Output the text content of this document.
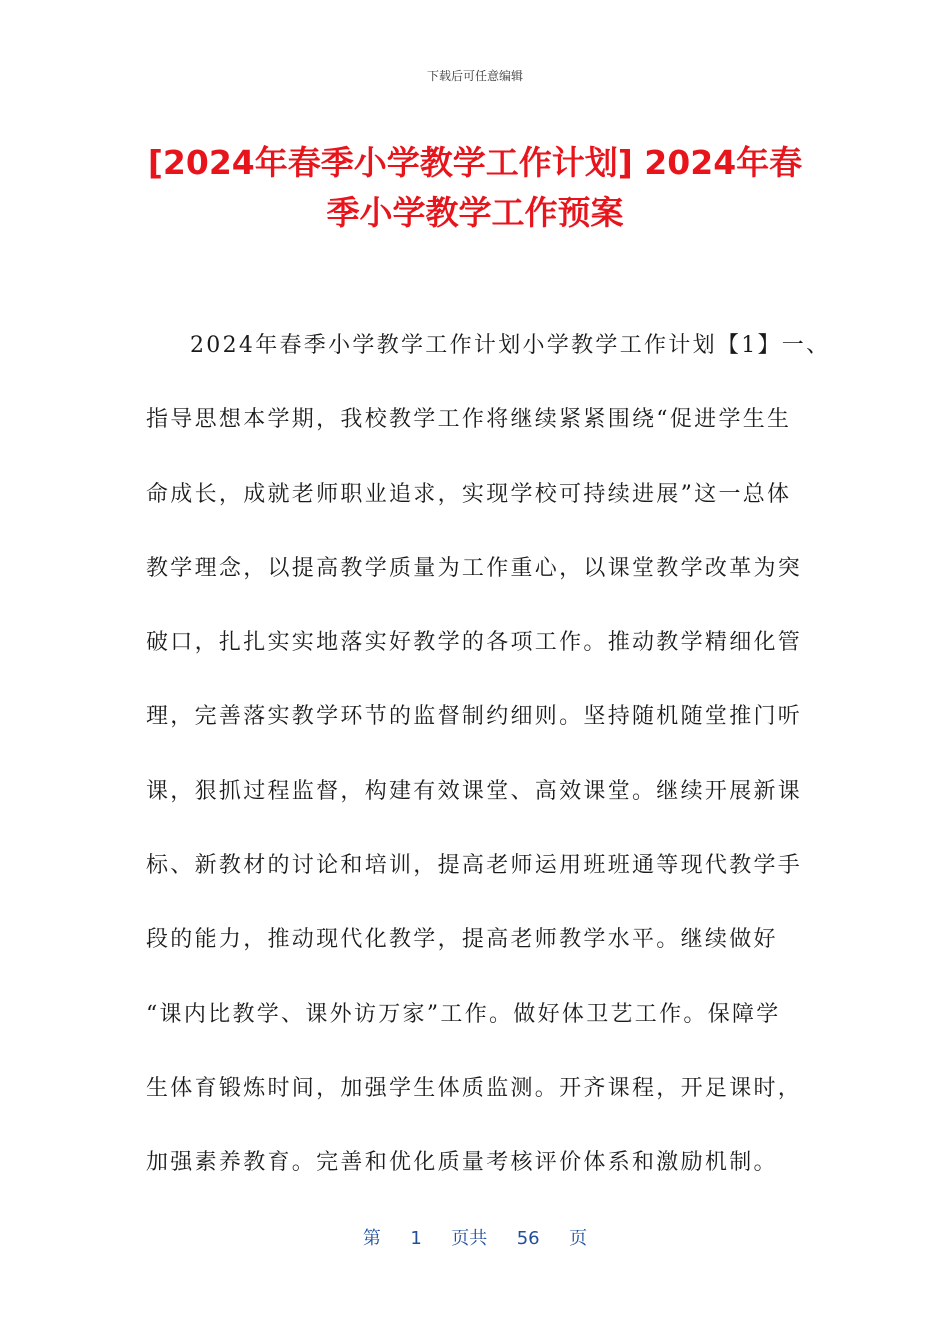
下载后可任意编辑
[2024年春季小学教学工作计划] 2024年春季小学教学工作预案
2024年春季小学教学工作计划小学教学工作计划【1】一、
指导思想本学期，我校教学工作将继续紧紧围绕“促进学生生
命成长，成就老师职业追求，实现学校可持续进展”这一总体
教学理念，以提高教学质量为工作重心，以课堂教学改革为突
破口，扎扎实实地落实好教学的各项工作。推动教学精细化管
理，完善落实教学环节的监督制约细则。坚持随机随堂推门听
课，狠抓过程监督，构建有效课堂、高效课堂。继续开展新课
标、新教材的讨论和培训，提高老师运用班班通等现代教学手
段的能力，推动现代化教学，提高老师教学水平。继续做好
“课内比教学、课外访万家”工作。做好体卫艺工作。保障学
生体育锻炼时间，加强学生体质监测。开齐课程，开足课时，
加强素养教育。完善和优化质量考核评价体系和激励机制。
第 1 页共 56 页
